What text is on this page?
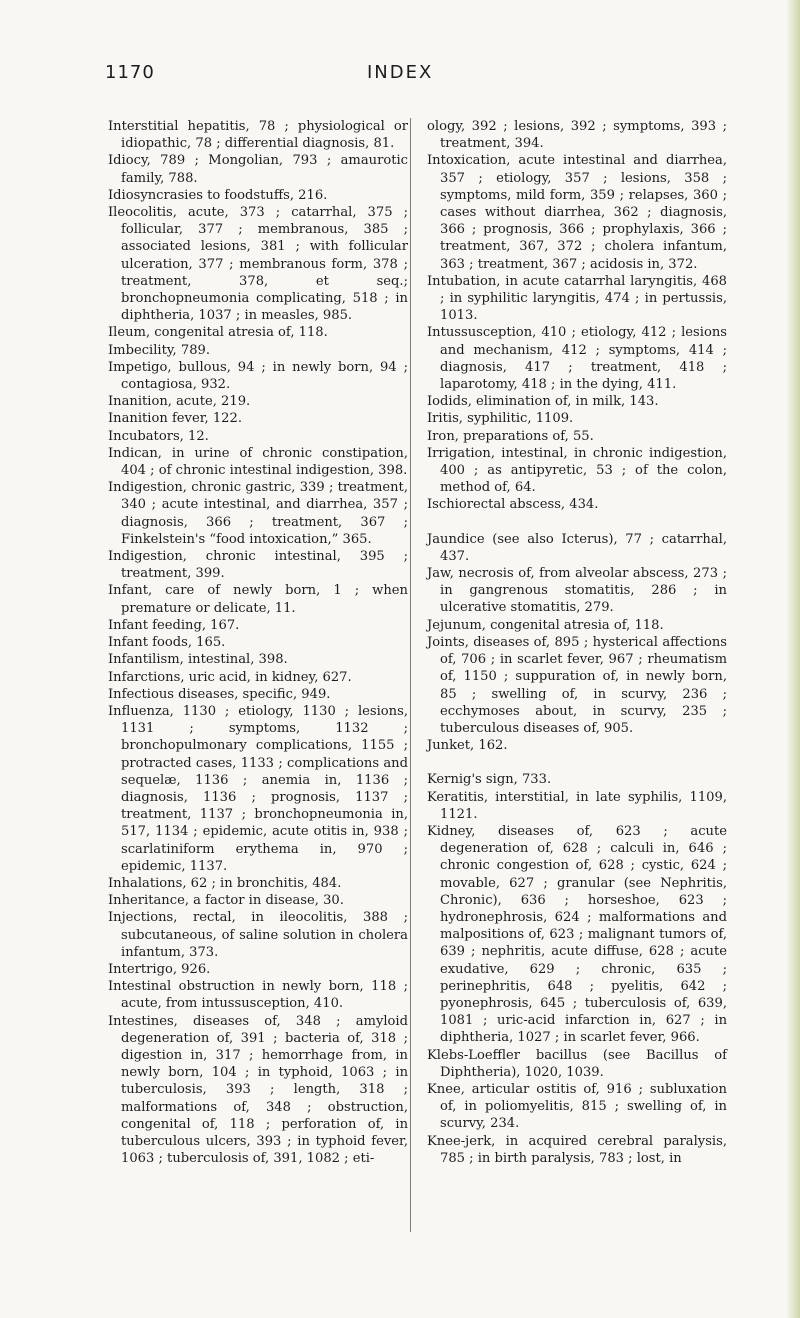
1170	INDEX

Interstitial hepatitis, 78 ; physiological or idiopathic, 78 ; differential diagnosis, 81.

Idiocy, 789 ; Mongolian, 793 ; amaurotic family, 788.

Idiosyncrasies to foodstuffs, 216.

Ileocolitis, acute, 373 ; catarrhal, 375 ; follicular, 377 ; membranous, 385 ; associated lesions, 381 ; with follicular ulceration, 377 ; membranous form, 378 ; treatment, 378, et seq.; bronchopneumonia complicating, 518 ; in diphtheria, 1037 ; in measles, 985.

Ileum, congenital atresia of, 118.

Imbecility, 789.

Impetigo, bullous, 94 ; in newly born, 94 ; contagiosa, 932.

Inanition, acute, 219.

Inanition fever, 122.

Incubators, 12.

Indican, in urine of chronic constipation, 404 ; of chronic intestinal indigestion, 398.

Indigestion, chronic gastric, 339 ; treatment, 340 ; acute intestinal, and diarrhea, 357 ; diagnosis, 366 ; treatment, 367 ; Finkelstein's “food intoxication,” 365.

Indigestion, chronic intestinal, 395 ; treatment, 399.

Infant, care of newly born, 1 ; when premature or delicate, 11.

Infant feeding, 167.

Infant foods, 165.

Infantilism, intestinal, 398.

Infarctions, uric acid, in kidney, 627.

Infectious diseases, specific, 949.

Influenza, 1130 ; etiology, 1130 ; lesions, 1131 ; symptoms, 1132 ; bronchopulmonary complications, 1155 ; protracted cases, 1133 ; complications and sequelæ, 1136 ; anemia in, 1136 ; diagnosis, 1136 ; prognosis, 1137 ; treatment, 1137 ; bronchopneumonia in, 517, 1134 ; epidemic, acute otitis in, 938 ; scarlatiniform erythema in, 970 ; epidemic, 1137.

Inhalations, 62 ; in bronchitis, 484.

Inheritance, a factor in disease, 30.

Injections, rectal, in ileocolitis, 388 ; subcutaneous, of saline solution in cholera infantum, 373.

Intertrigo, 926.

Intestinal obstruction in newly born, 118 ; acute, from intussusception, 410.

Intestines, diseases of, 348 ; amyloid degeneration of, 391 ; bacteria of, 318 ; digestion in, 317 ; hemorrhage from, in newly born, 104 ; in typhoid, 1063 ; in tuberculosis, 393 ; length, 318 ; malformations of, 348 ; obstruction, congenital of, 118 ; perforation of, in tuberculous ulcers, 393 ; in typhoid fever, 1063 ; tuberculosis of, 391, 1082 ; eti-

ology, 392 ; lesions, 392 ; symptoms, 393 ; treatment, 394.

Intoxication, acute intestinal and diarrhea, 357 ; etiology, 357 ; lesions, 358 ; symptoms, mild form, 359 ; relapses, 360 ; cases without diarrhea, 362 ; diagnosis, 366 ; prognosis, 366 ; prophylaxis, 366 ; treatment, 367, 372 ; cholera infantum, 363 ; treatment, 367 ; acidosis in, 372.

Intubation, in acute catarrhal laryngitis, 468 ; in syphilitic laryngitis, 474 ; in pertussis, 1013.

Intussusception, 410 ; etiology, 412 ; lesions and mechanism, 412 ; symptoms, 414 ; diagnosis, 417 ; treatment, 418 ; laparotomy, 418 ; in the dying, 411.

Iodids, elimination of, in milk, 143.

Iritis, syphilitic, 1109.

Iron, preparations of, 55.

Irrigation, intestinal, in chronic indigestion, 400 ; as antipyretic, 53 ; of the colon, method of, 64.

Ischiorectal abscess, 434.

Jaundice (see also Icterus), 77 ; catarrhal, 437.

Jaw, necrosis of, from alveolar abscess, 273 ; in gangrenous stomatitis, 286 ; in ulcerative stomatitis, 279.

Jejunum, congenital atresia of, 118.

Joints, diseases of, 895 ; hysterical affections of, 706 ; in scarlet fever, 967 ; rheumatism of, 1150 ; suppuration of, in newly born, 85 ; swelling of, in scurvy, 236 ; ecchymoses about, in scurvy, 235 ; tuberculous diseases of, 905.

Junket, 162.

Kernig's sign, 733.

Keratitis, interstitial, in late syphilis, 1109, 1121.

Kidney, diseases of, 623 ; acute degeneration of, 628 ; calculi in, 646 ; chronic congestion of, 628 ; cystic, 624 ; movable, 627 ; granular (see Nephritis, Chronic), 636 ; horseshoe, 623 ; hydronephrosis, 624 ; malformations and malpositions of, 623 ; malignant tumors of, 639 ; nephritis, acute diffuse, 628 ; acute exudative, 629 ; chronic, 635 ; perinephritis, 648 ; pyelitis, 642 ; pyonephrosis, 645 ; tuberculosis of, 639, 1081 ; uric-acid infarction in, 627 ; in diphtheria, 1027 ; in scarlet fever, 966.

Klebs-Loeffler bacillus (see Bacillus of Diphtheria), 1020, 1039.

Knee, articular ostitis of, 916 ; subluxation of, in poliomyelitis, 815 ; swelling of, in scurvy, 234.

Knee-jerk, in acquired cerebral paralysis, 785 ; in birth paralysis, 783 ; lost, in
